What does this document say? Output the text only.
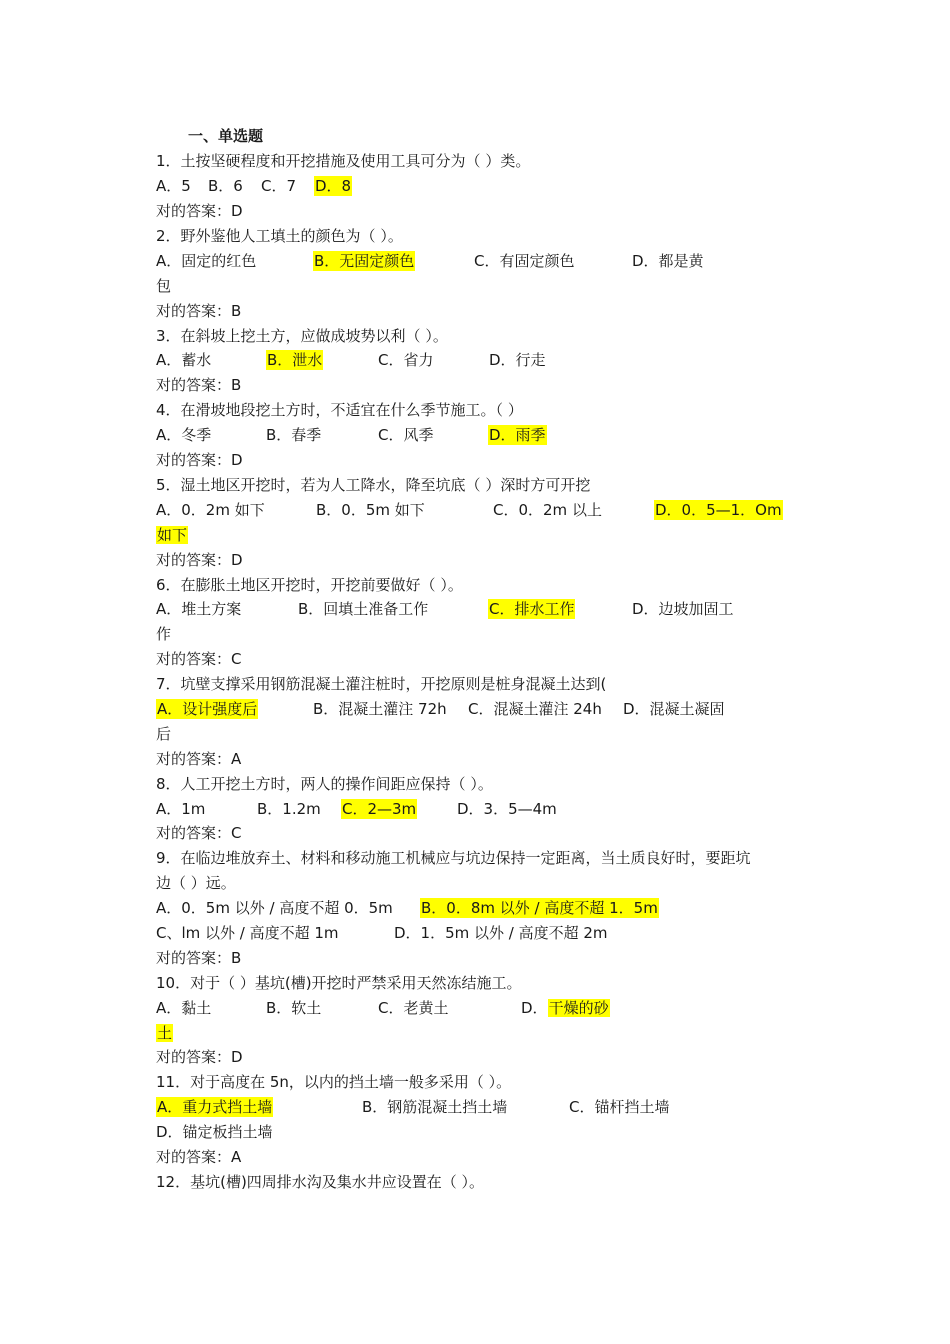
一、单选题
1．土按坚硬程度和开挖措施及使用工具可分为（ ）类。
A．5 B．6 C．7 D．8
对的答案：D
2．野外鉴他人工填土的颜色为（ ）。
A．固定的红色	B．无固定颜色	C．有固定颜色	D．都是黄
包
对的答案：B
3．在斜坡上挖土方，应做成坡势以利（ ）。
A．蓄水	B．泄水	C．省力	D．行走
对的答案：B
4．在滑坡地段挖土方时，不适宜在什么季节施工。（ ）
A．冬季	B．春季	C．风季	D．雨季
对的答案：D
5．湿土地区开挖时，若为人工降水，降至坑底（ ）深时方可开挖
A．0．2m 如下	B．0．5m 如下	C．0．2m 以上	D．0．5—1．Om
如下
对的答案：D
6．在膨胀土地区开挖时，开挖前要做好（ ）。
A．堆土方案	B．回填土准备工作	C．排水工作	D．边坡加固工
作
对的答案：C
7．坑壁支撑采用钢筋混凝土灌注桩时，开挖原则是桩身混凝土达到(
A．设计强度后	B．混凝土灌注 72h C．混凝土灌注 24h D．混凝土凝固
后
对的答案：A
8．人工开挖土方时，两人的操作间距应保持（ ）。
A．1m	B．1.2m C．2—3m	D．3．5—4m
对的答案：C
9．在临边堆放弃土、材料和移动施工机械应与坑边保持一定距离，当土质良好时，要距坑
边（ ）远。
A．0．5m 以外 / 高度不超 0．5m B．0．8m 以外 / 高度不超 1．5m
C、lm 以外 / 高度不超 1m	D．1．5m 以外 / 高度不超 2m
对的答案：B
10．对于（ ）基坑(槽)开挖时严禁采用天然冻结施工。
A．黏土	B．软土	C．老黄土	D．干燥的砂
土
对的答案：D
11．对于高度在 5n，以内的挡土墙一般多采用（ ）。
A．重力式挡土墙	B．钢筋混凝土挡土墙	C．锚杆挡土墙
D．锚定板挡土墙
对的答案：A
12．基坑(槽)四周排水沟及集水井应设置在（ ）。
